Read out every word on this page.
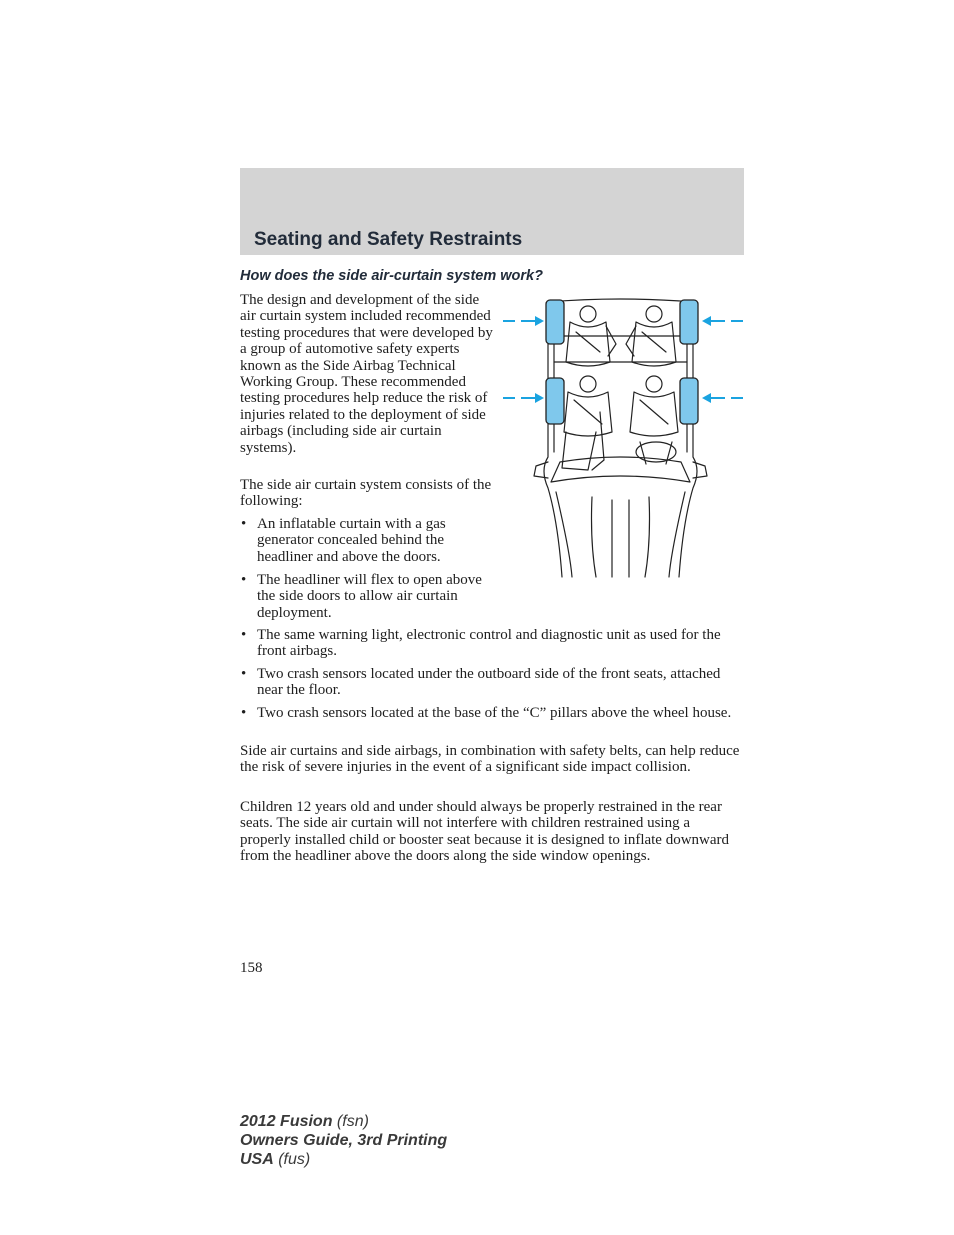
Seating and Safety Restraints
How does the side air-curtain system work?

The design and development of the side air curtain system included recommended testing procedures that were developed by a group of automotive safety experts known as the Side Airbag Technical Working Group. These recommended testing procedures help reduce the risk of injuries related to the deployment of side airbags (including side air curtain systems).

The side air curtain system consists of the following:

• An inflatable curtain with a gas generator concealed behind the headliner and above the doors.
• The headliner will flex to open above the side doors to allow air curtain deployment.
• The same warning light, electronic control and diagnostic unit as used for the front airbags.
• Two crash sensors located under the outboard side of the front seats, attached near the floor.
• Two crash sensors located at the base of the “C” pillars above the wheel house.

Side air curtains and side airbags, in combination with safety belts, can help reduce the risk of severe injuries in the event of a significant side impact collision.

Children 12 years old and under should always be properly restrained in the rear seats. The side air curtain will not interfere with children restrained using a properly installed child or booster seat because it is designed to inflate downward from the headliner above the doors along the side window openings.

158
2012 Fusion (fsn)
Owners Guide, 3rd Printing
USA (fus)
